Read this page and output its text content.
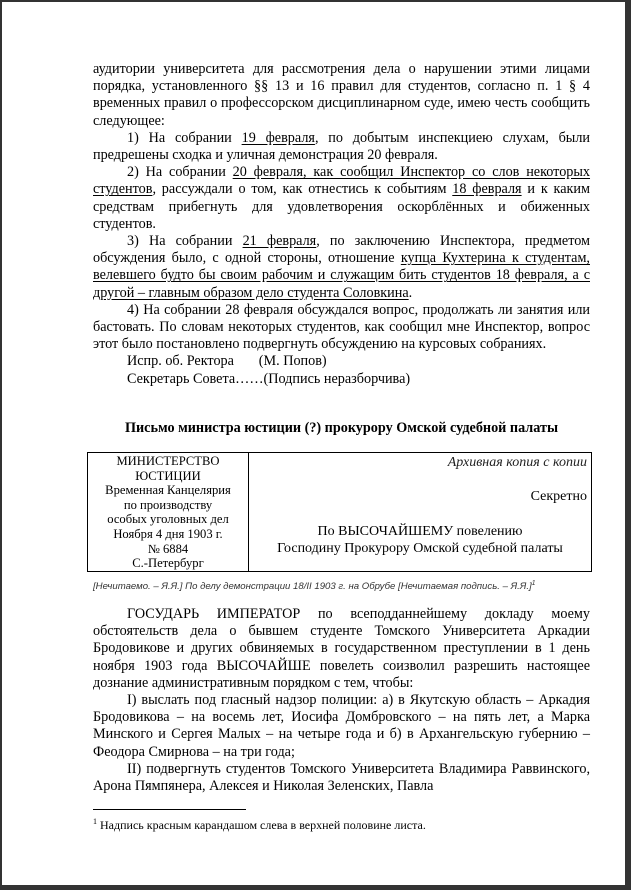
аудитории университета для рассмотрения дела о нарушении этими лицами порядка, установленного §§ 13 и 16 правил для студентов, согласно п. 1 § 4 временных правил о профессорском дисциплинарном суде, имею честь сообщить следующее:

1) На собрании 19 февраля, по добытым инспекциею слухам, были предрешены сходка и уличная демонстрация 20 февраля.

2) На собрании 20 февраля, как сообщил Инспектор со слов некоторых студентов, рассуждали о том, как отнестись к событиям 18 февраля и к каким средствам прибегнуть для удовлетворения оскорблённых и обиженных студентов.

3) На собрании 21 февраля, по заключению Инспектора, предметом обсуждения было, с одной стороны, отношение купца Кухтерина к студентам, велевшего будто бы своим рабочим и служащим бить студентов 18 февраля, а с другой – главным образом дело студента Соловкина.

4) На собрании 28 февраля обсуждался вопрос, продолжать ли занятия или бастовать. По словам некоторых студентов, как сообщил мне Инспектор, вопрос этот было постановлено подвергнуть обсуждению на курсовых собраниях.

Испр. об. Ректора       (М. Попов)

Секретарь Совета……(Подпись неразборчива)

Письмо министра юстиции (?) прокурору Омской судебной палаты
МИНИСТЕРСТВО
ЮСТИЦИИ
Временная Канцелярия
по производству
особых уголовных дел
Ноября 4 дня 1903 г.
№ 6884
С.-Петербург

Архивная копия с копии
Секретно
По ВЫСОЧАЙШЕМУ повелению
Господину Прокурору Омской судебной палаты
[Нечитаемо. – Я.Я.] По делу демонстрации 18/II 1903 г. на Обрубе [Нечитаемая подпись. – Я.Я.]$^1$

ГОСУДАРЬ ИМПЕРАТОР по всеподданнейшему докладу моему обстоятельств дела о бывшем студенте Томского Университета Аркадии Бродовикове и других обвиняемых в государственном преступлении в 1 день ноября 1903 года ВЫСОЧАЙШЕ повелеть соизволил разрешить настоящее дознание административным порядком с тем, чтобы:

I) выслать под гласный надзор полиции: а) в Якутскую область – Аркадия Бродовикова – на восемь лет, Иосифа Домбровского – на пять лет, а Марка Минского и Сергея Малых – на четыре года и б) в Архангельскую губернию – Феодора Смирнова – на три года;

II) подвергнуть студентов Томского Университета Владимира Раввинского, Арона Пямпянера, Алексея и Николая Зеленских, Павла

$^1$ Надпись красным карандашом слева в верхней половине листа.
